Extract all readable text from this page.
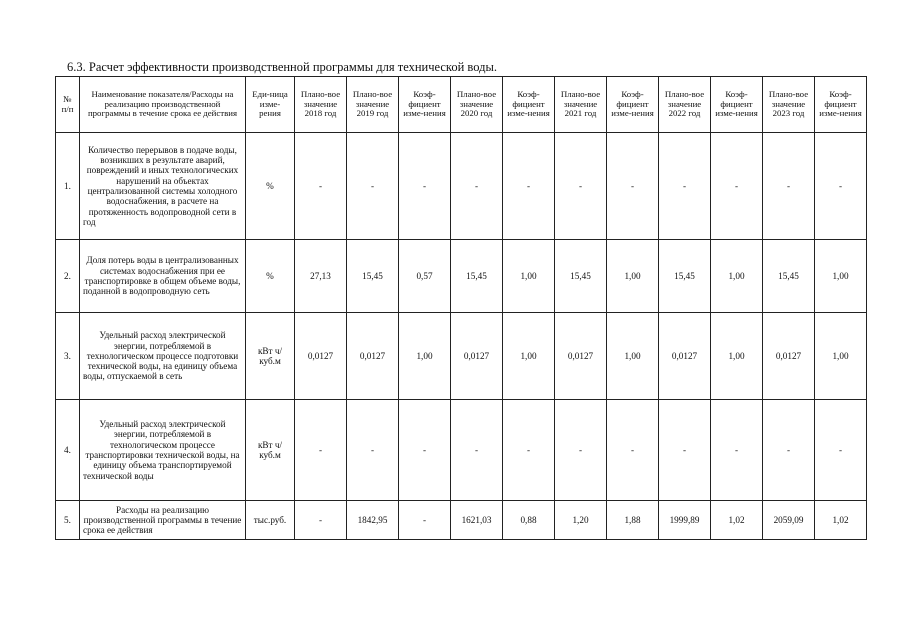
6.3. Расчет эффективности производственной программы для технической воды.
№ п/п	Наименование показателя/Расходы на реализацию производственной программы в течение срока ее действия	Еди-ница изме-рения	Плано-вое значение 2018 год	Плано-вое значение 2019 год	Коэф-фициент изме-нения	Плано-вое значение 2020 год	Коэф-фициент изме-нения	Плано-вое значение 2021 год	Коэф-фициент изме-нения	Плано-вое значение 2022 год	Коэф-фициент изме-нения	Плано-вое значение 2023 год	Коэф-фициент изме-нения
1.	Количество перерывов в подаче воды, возникших в результате аварий, повреждений и иных технологических нарушений на объектах централизованной системы холодного водоснабжения, в расчете на протяженность водопроводной сети в год	%	-	-	-	-	-	-	-	-	-	-	-
2.	Доля потерь воды в централизованных системах водоснабжения при ее транспортировке в общем объеме воды, поданной в водопроводную сеть	%	27,13	15,45	0,57	15,45	1,00	15,45	1,00	15,45	1,00	15,45	1,00
3.	Удельный расход электрической энергии, потребляемой в технологическом процессе подготовки технической воды, на единицу объема воды, отпускаемой в сеть	кВт ч/куб.м	0,0127	0,0127	1,00	0,0127	1,00	0,0127	1,00	0,0127	1,00	0,0127	1,00
4.	Удельный расход электрической энергии, потребляемой в технологическом процессе транспортировки технической воды, на единицу объема транспортируемой технической воды	кВт ч/куб.м	-	-	-	-	-	-	-	-	-	-	-
5.	Расходы на реализацию производственной программы в течение срока ее действия	тыс.руб.	-	1842,95	-	1621,03	0,88	1,20	1,88	1999,89	1,02	2059,09	1,02
